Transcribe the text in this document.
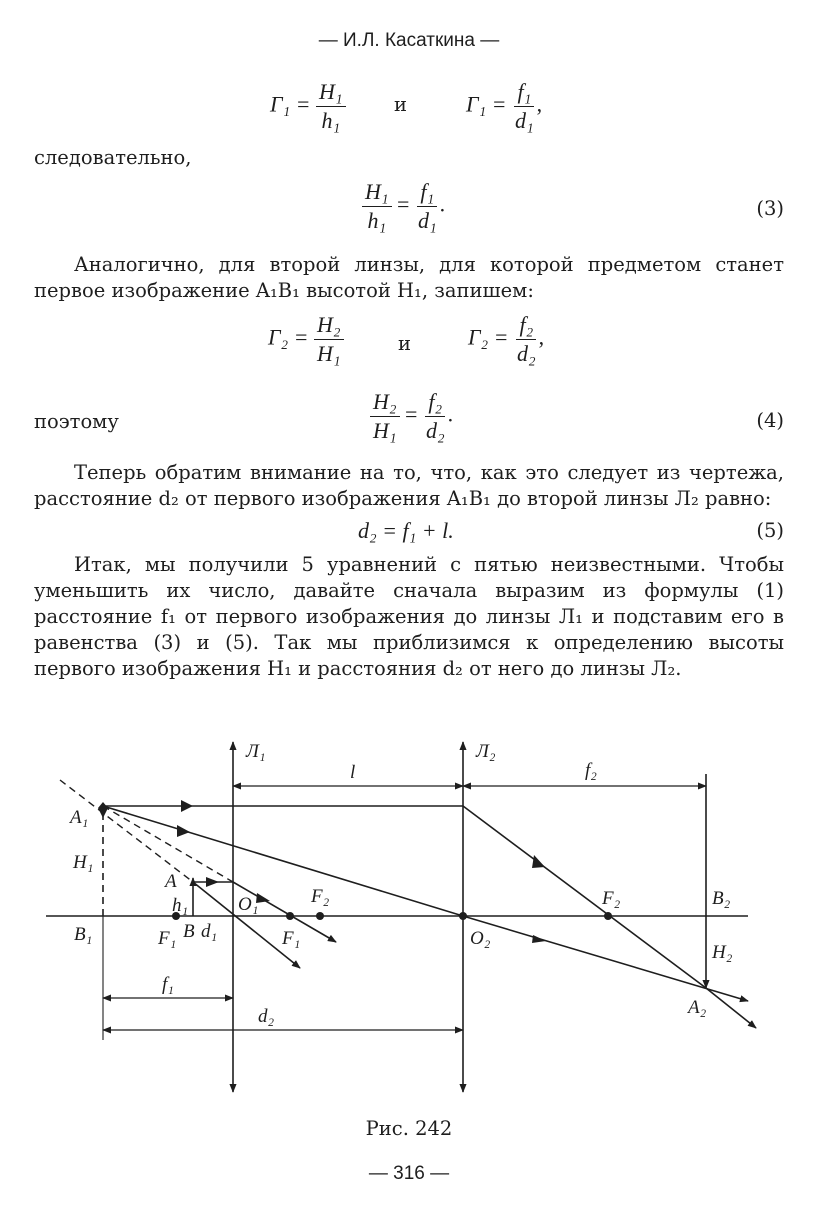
— И.Л. Касаткина —
$\Gamma_1 = \frac{\text{H₁}}{\text{h₁}}$ и	$\Gamma_1 = \frac{\text{f₁}}{\text{d₁}}$ ,
следовательно,
$\frac{\text{H₁}}{\text{h₁}} = \frac{\text{f₁}}{\text{d₁}}$ .	(3)
Аналогично, для второй линзы, для которой предметом станет первое изображение A₁B₁ высотой H₁, запишем:
$\Gamma_2 = \frac{\text{H₂}}{\text{H₁}}$	и	$\Gamma_2 = \frac{\text{f₂}}{\text{d₂}}$ ,
поэтому	$\frac{\text{H₂}}{\text{H₁}} = \frac{\text{f₂}}{\text{d₂}}$ .	(4)
Теперь обратим внимание на то, что, как это следует из чертежа, расстояние d₂ от первого изображения A₁B₁ до второй линзы Л₂ равно:
d₂ = f₁ + l.	(5)
Итак, мы получили 5 уравнений с пятью неизвестными. Чтобы уменьшить их число, давайте сначала выразим из формулы (1) расстояние f₁ от первого изображения до линзы Л₁ и подставим его в равенства (3) и (5). Так мы приблизимся к определению высоты первого изображения H₁ и расстояния d₂ от него до линзы Л₂.
Л₁	Л₂
l	f₂
A₁
H₁
A
h₁
B d₁
B₁	F₁
O₁
F₁
F₂
O₂
F₂	B₂
H₂
A₂
f₁
d₂
Рис. 242
— 316 —
